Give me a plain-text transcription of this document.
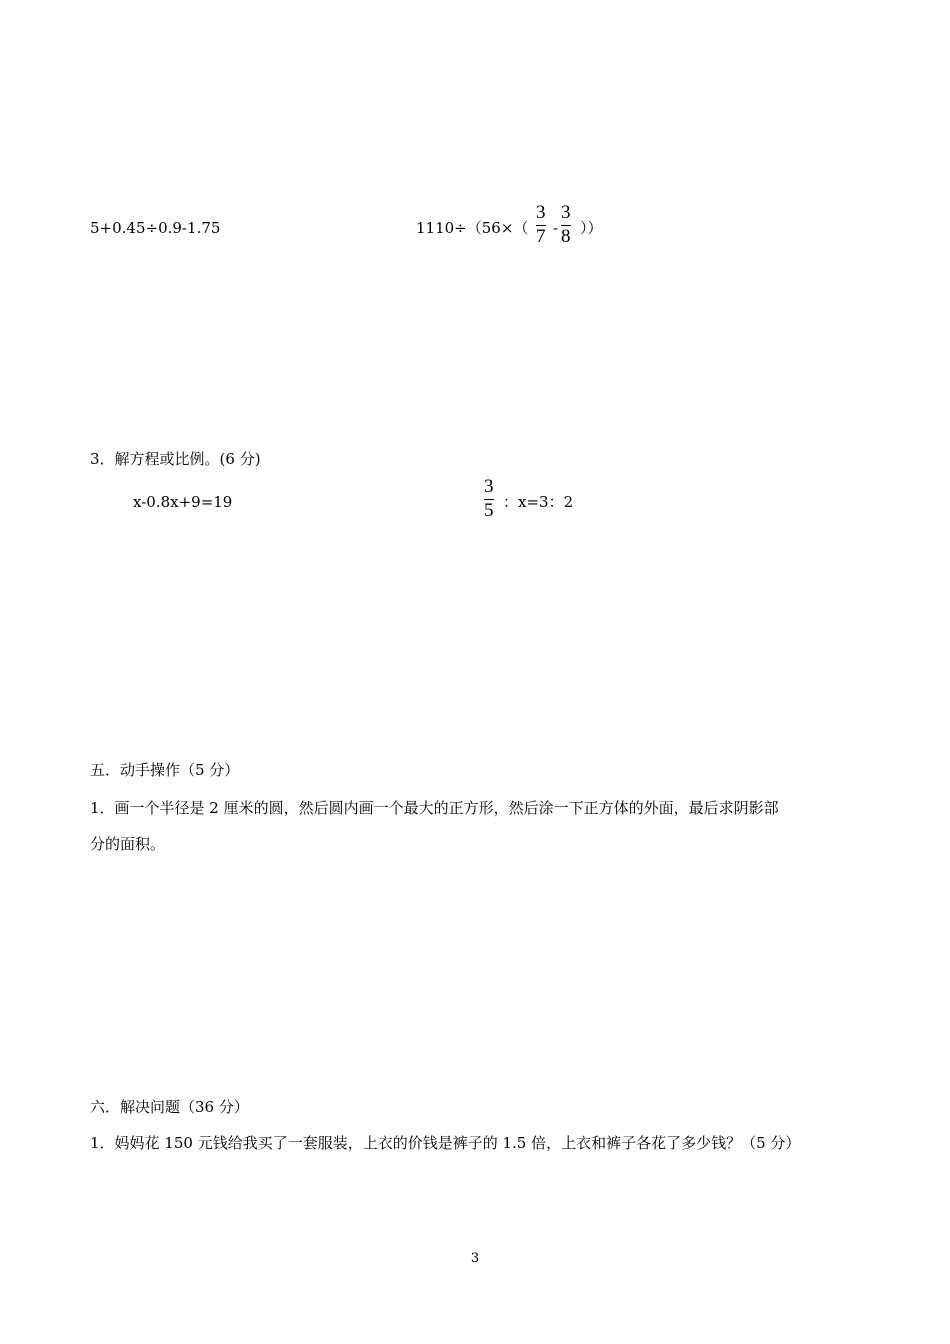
5+0.45÷0.9-1.75	1110÷（56×（
3
7 -
3
8 ））
3．解方程或比例。(6 分)
x-0.8x+9=19
3
5 ：x=3：2
五．动手操作（5 分）
1．画一个半径是 2 厘米的圆，然后圆内画一个最大的正方形，然后涂一下正方体的外面，最后求阴影部
分的面积。
六．解决问题（36 分）
1．妈妈花 150 元钱给我买了一套服装，上衣的价钱是裤子的 1.5 倍，上衣和裤子各花了多少钱？（5 分）
3
